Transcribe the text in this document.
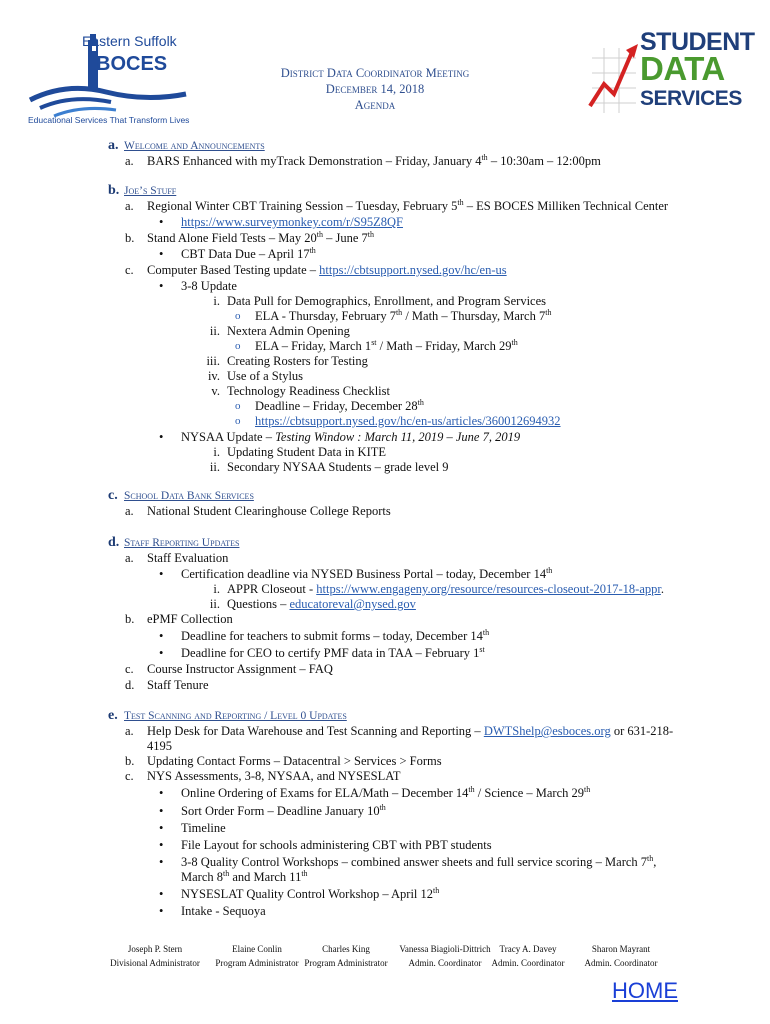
Eastern Suffolk
BOCES
Educational Services That Transform Lives
District Data Coordinator Meeting
December 14, 2018
Agenda
STUDENT
DATA
SERVICES
a. Welcome and Announcements
a. BARS Enhanced with myTrack Demonstration – Friday, January 4th – 10:30am – 12:00pm
b. Joe’s Stuff
a. Regional Winter CBT Training Session – Tuesday, February 5th – ES BOCES Milliken Technical Center
• https://www.surveymonkey.com/r/S95Z8QF
b. Stand Alone Field Tests – May 20th – June 7th
• CBT Data Due – April 17th
c. Computer Based Testing update – https://cbtsupport.nysed.gov/hc/en-us
• 3-8 Update
i. Data Pull for Demographics, Enrollment, and Program Services
o ELA - Thursday, February 7th / Math – Thursday, March 7th
ii. Nextera Admin Opening
o ELA – Friday, March 1st / Math – Friday, March 29th
iii. Creating Rosters for Testing
iv. Use of a Stylus
v. Technology Readiness Checklist
o Deadline – Friday, December 28th
o https://cbtsupport.nysed.gov/hc/en-us/articles/360012694932
• NYSAA Update – Testing Window : March 11, 2019 – June 7, 2019
i. Updating Student Data in KITE
ii. Secondary NYSAA Students – grade level 9
c. School Data Bank Services
a. National Student Clearinghouse College Reports
d. Staff Reporting Updates
a. Staff Evaluation
• Certification deadline via NYSED Business Portal – today, December 14th
i. APPR Closeout - https://www.engageny.org/resource/resources-closeout-2017-18-appr.
ii. Questions – educatoreval@nysed.gov
b. ePMF Collection
• Deadline for teachers to submit forms – today, December 14th
• Deadline for CEO to certify PMF data in TAA – February 1st
c. Course Instructor Assignment – FAQ
d. Staff Tenure
e. Test Scanning and Reporting / Level 0 Updates
a. Help Desk for Data Warehouse and Test Scanning and Reporting – DWTShelp@esboces.org or 631-218-
4195
b. Updating Contact Forms – Datacentral > Services > Forms
c. NYS Assessments, 3-8, NYSAA, and NYSESLAT
• Online Ordering of Exams for ELA/Math – December 14th / Science – March 29th
• Sort Order Form – Deadline January 10th
• Timeline
• File Layout for schools administering CBT with PBT students
• 3-8 Quality Control Workshops – combined answer sheets and full service scoring – March 7th,
March 8th and March 11th
• NYSESLAT Quality Control Workshop – April 12th
• Intake - Sequoya
Joseph P. Stern
Divisional Administrator
Elaine Conlin
Program Administrator
Charles King
Program Administrator
Vanessa Biagioli-Dittrich
Admin. Coordinator
Tracy A. Davey
Admin. Coordinator
Sharon Mayrant
Admin. Coordinator
HOME
